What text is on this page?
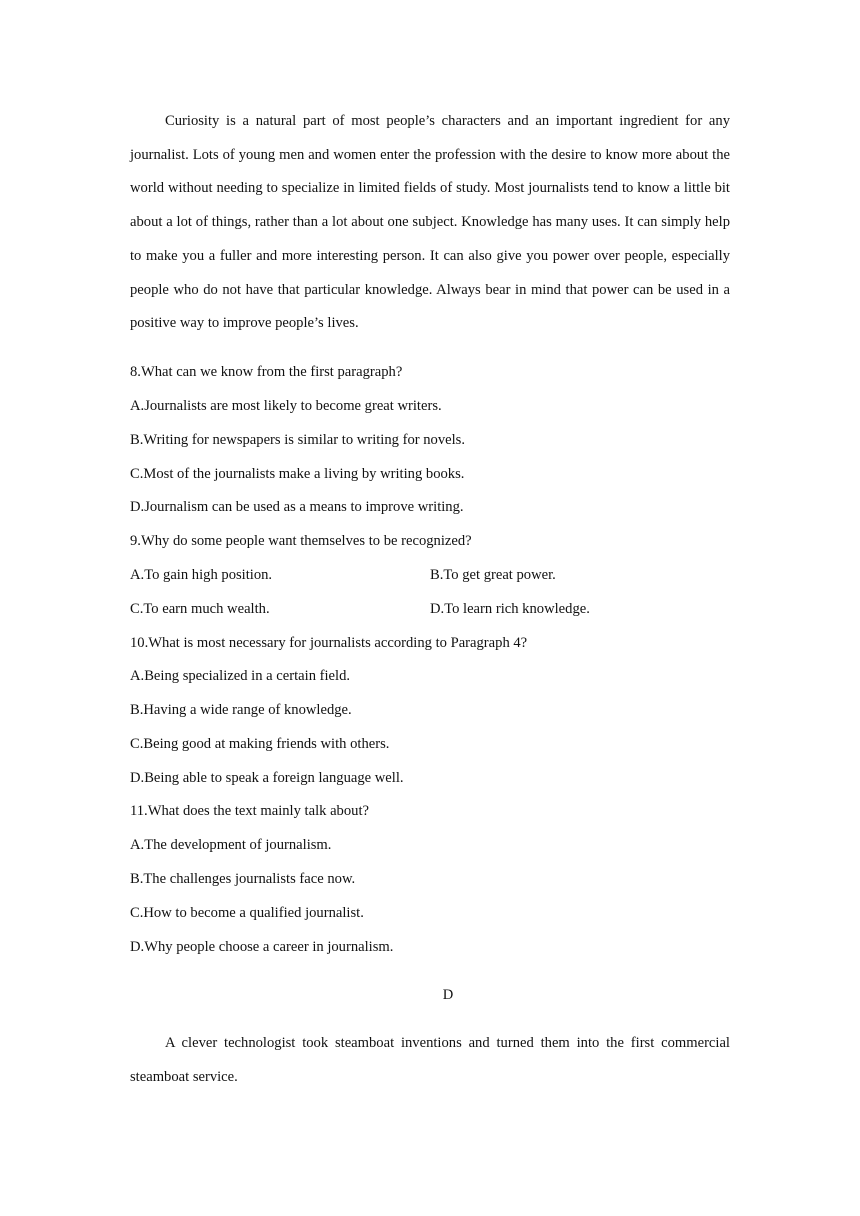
Curiosity is a natural part of most people’s characters and an important ingredient for any journalist. Lots of young men and women enter the profession with the desire to know more about the world without needing to specialize in limited fields of study. Most journalists tend to know a little bit about a lot of things, rather than a lot about one subject. Knowledge has many uses. It can simply help to make you a fuller and more interesting person. It can also give you power over people, especially people who do not have that particular knowledge. Always bear in mind that power can be used in a positive way to improve people’s lives.

8.What can we know from the first paragraph?
A.Journalists are most likely to become great writers.
B.Writing for newspapers is similar to writing for novels.
C.Most of the journalists make a living by writing books.
D.Journalism can be used as a means to improve writing.
9.Why do some people want themselves to be recognized?
A.To gain high position.	B.To get great power.
C.To earn much wealth.	D.To learn rich knowledge.
10.What is most necessary for journalists according to Paragraph 4?
A.Being specialized in a certain field.
B.Having a wide range of knowledge.
C.Being good at making friends with others.
D.Being able to speak a foreign language well.
11.What does the text mainly talk about?
A.The development of journalism.
B.The challenges journalists face now.
C.How to become a qualified journalist.
D.Why people choose a career in journalism.
D

A clever technologist took steamboat inventions and turned them into the first commercial steamboat service.
